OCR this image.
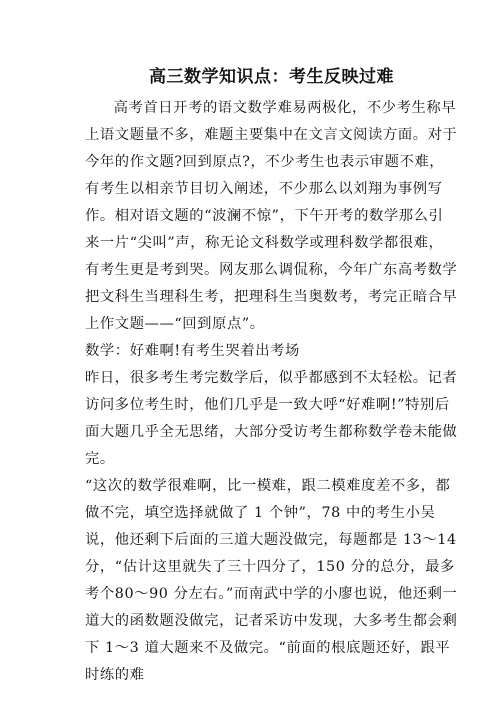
高三数学知识点：考生反映过难

高考首日开考的语文数学难易两极化，不少考生称早上语文题量不多，难题主要集中在文言文阅读方面。对于今年的作文题?回到原点?，不少考生也表示审题不难，有考生以相亲节目切入阐述，不少那么以刘翔为事例写作。相对语文题的“波澜不惊”，下午开考的数学那么引来一片“尖叫”声，称无论文科数学或理科数学都很难，有考生更是考到哭。网友那么调侃称，今年广东高考数学把文科生当理科生考，把理科生当奥数考，考完正暗合早上作文题——“回到原点”。

数学：好难啊!有考生哭着出考场

昨日，很多考生考完数学后，似乎都感到不太轻松。记者访问多位考生时，他们几乎是一致大呼“好难啊!”特别后面大题几乎全无思绪，大部分受访考生都称数学卷未能做完。

“这次的数学很难啊，比一模难，跟二模难度差不多，都做不完，填空选择就做了 1 个钟”，78 中的考生小吴说，他还剩下后面的三道大题没做完，每题都是 13～14 分，“估计这里就失了三十四分了，150 分的总分，最多考个80～90 分左右。”而南武中学的小廖也说，他还剩一道大的函数题没做完，记者采访中发现，大多考生都会剩下 1～3 道大题来不及做完。“前面的根底题还好，跟平时练的难
